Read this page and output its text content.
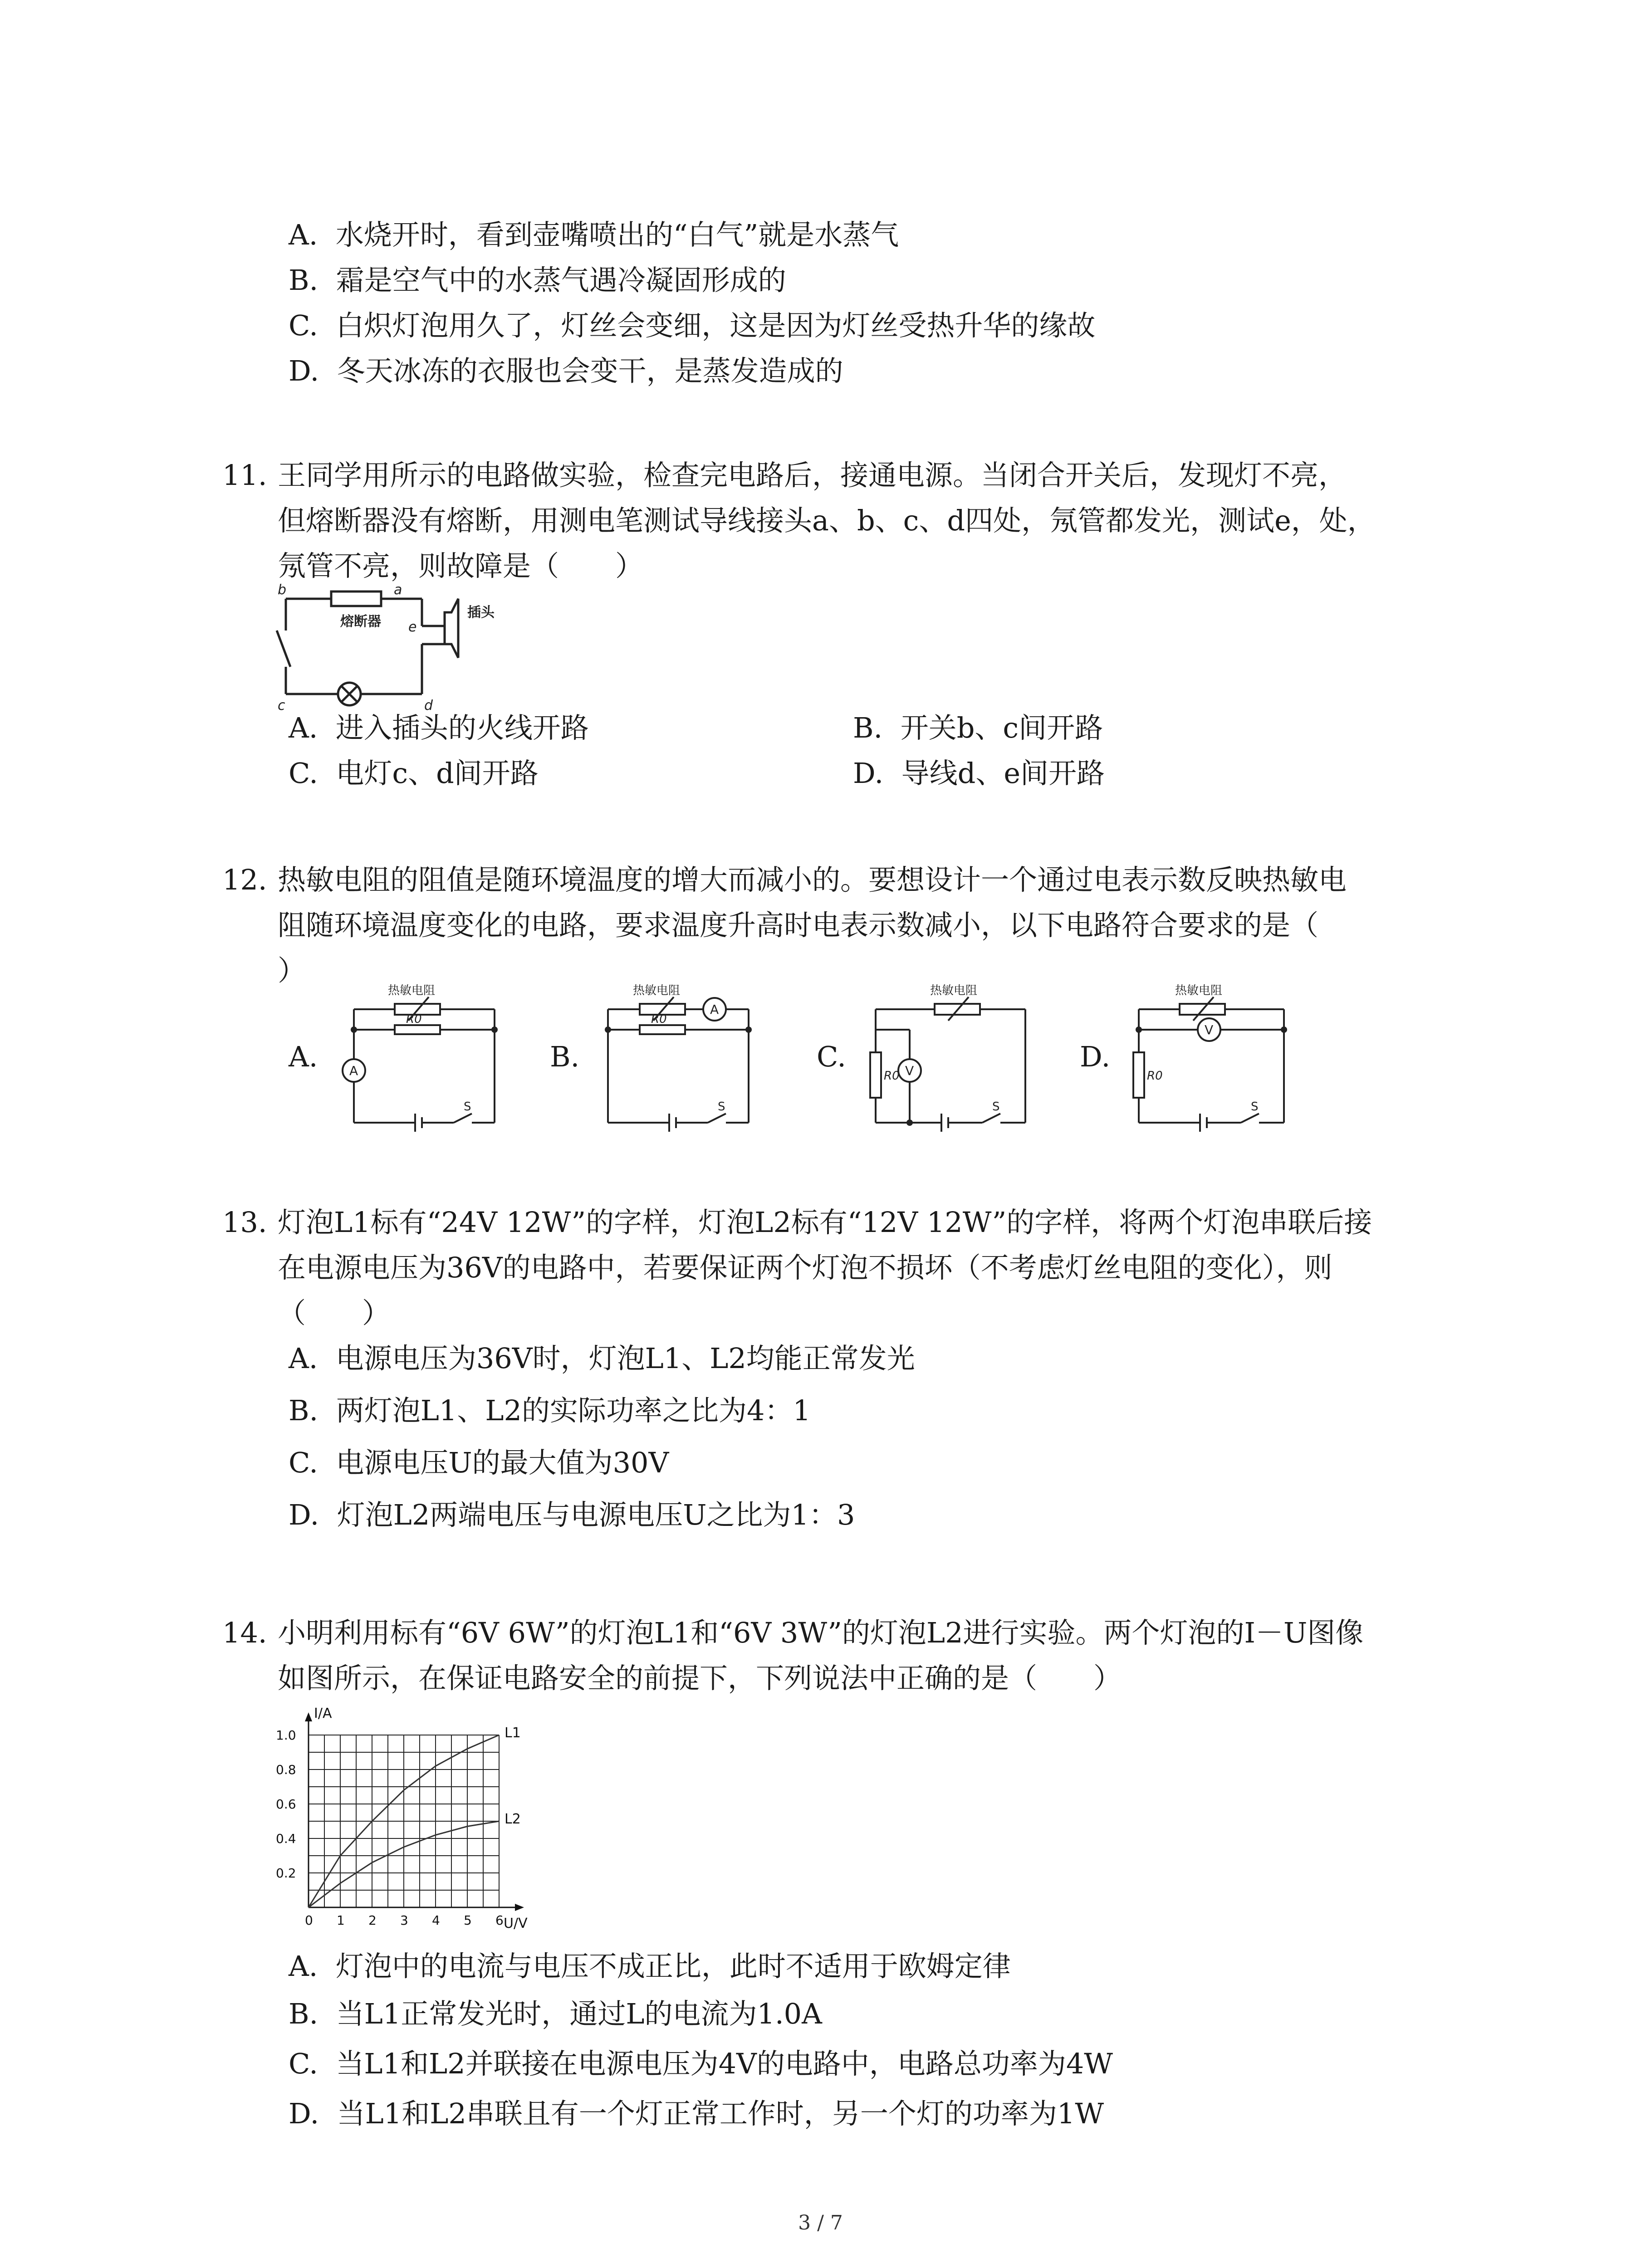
A. 水烧开时，看到壶嘴喷出的“白气”就是水蒸气
B. 霜是空气中的水蒸气遇冷凝固形成的
C. 白炽灯泡用久了，灯丝会变细，这是因为灯丝受热升华的缘故
D. 冬天冰冻的衣服也会变干，是蒸发造成的
11. 王同学用所示的电路做实验，检查完电路后，接通电源。当闭合开关后，发现灯不亮，
但熔断器没有熔断，用测电笔测试导线接头a、b、c、d四处，氖管都发光，测试e，处，
氖管不亮，则故障是（　　）
b	a
e
c	d
熔断器
插头
A. 进入插头的火线开路	B. 开关b、c间开路
C. 电灯c、d间开路	D. 导线d、e间开路
12. 热敏电阻的阻值是随环境温度的增大而减小的。要想设计一个通过电表示数反映热敏电
阻随环境温度变化的电路，要求温度升高时电表示数减小，以下电路符合要求的是（
）
A.
热敏电阻
R0
A
S
B.
热敏电阻
R0
A
S
C.
热敏电阻
R0 V
S
D.
热敏电阻
R0
V
S
13. 灯泡L1标有“24V 12W”的字样，灯泡L2标有“12V 12W”的字样，将两个灯泡串联后接
在电源电压为36V的电路中，若要保证两个灯泡不损坏（不考虑灯丝电阻的变化），则
（　　）
A. 电源电压为36V时，灯泡L1、L2均能正常发光
B. 两灯泡L1、L2的实际功率之比为4：1
C. 电源电压U的最大值为30V
D. 灯泡L2两端电压与电源电压U之比为1：3
14. 小明利用标有“6V 6W”的灯泡L1和“6V 3W”的灯泡L2进行实验。两个灯泡的I－U图像
如图所示，在保证电路安全的前提下，下列说法中正确的是（　　）
L1
L2
I/A
U/V
0 1 2 3 4 5 6
0.2
0.4
0.6
0.8
1.0
A. 灯泡中的电流与电压不成正比，此时不适用于欧姆定律
B. 当L1正常发光时，通过L的电流为1.0A
C. 当L1和L2并联接在电源电压为4V的电路中，电路总功率为4W
D. 当L1和L2串联且有一个灯正常工作时，另一个灯的功率为1W
3 / 7
